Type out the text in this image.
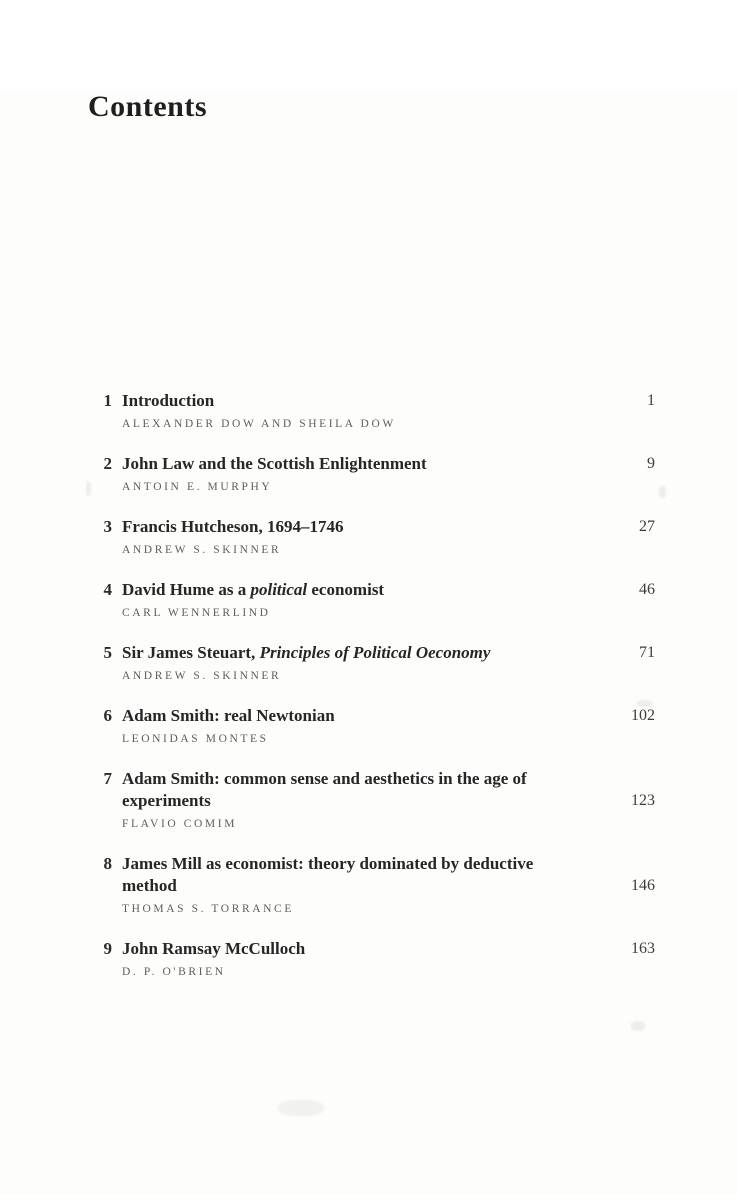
Contents
1 Introduction	1
ALEXANDER DOW AND SHEILA DOW
2 John Law and the Scottish Enlightenment	9
ANTOIN E. MURPHY
3 Francis Hutcheson, 1694–1746	27
ANDREW S. SKINNER
4 David Hume as a political economist	46
CARL WENNERLIND
5 Sir James Steuart, Principles of Political Oeconomy	71
ANDREW S. SKINNER
6 Adam Smith: real Newtonian	102
LEONIDAS MONTES
7 Adam Smith: common sense and aesthetics in the age of
experiments	123
FLAVIO COMIM
8 James Mill as economist: theory dominated by deductive
method	146
THOMAS S. TORRANCE
9 John Ramsay McCulloch	163
D. P. O'BRIEN
